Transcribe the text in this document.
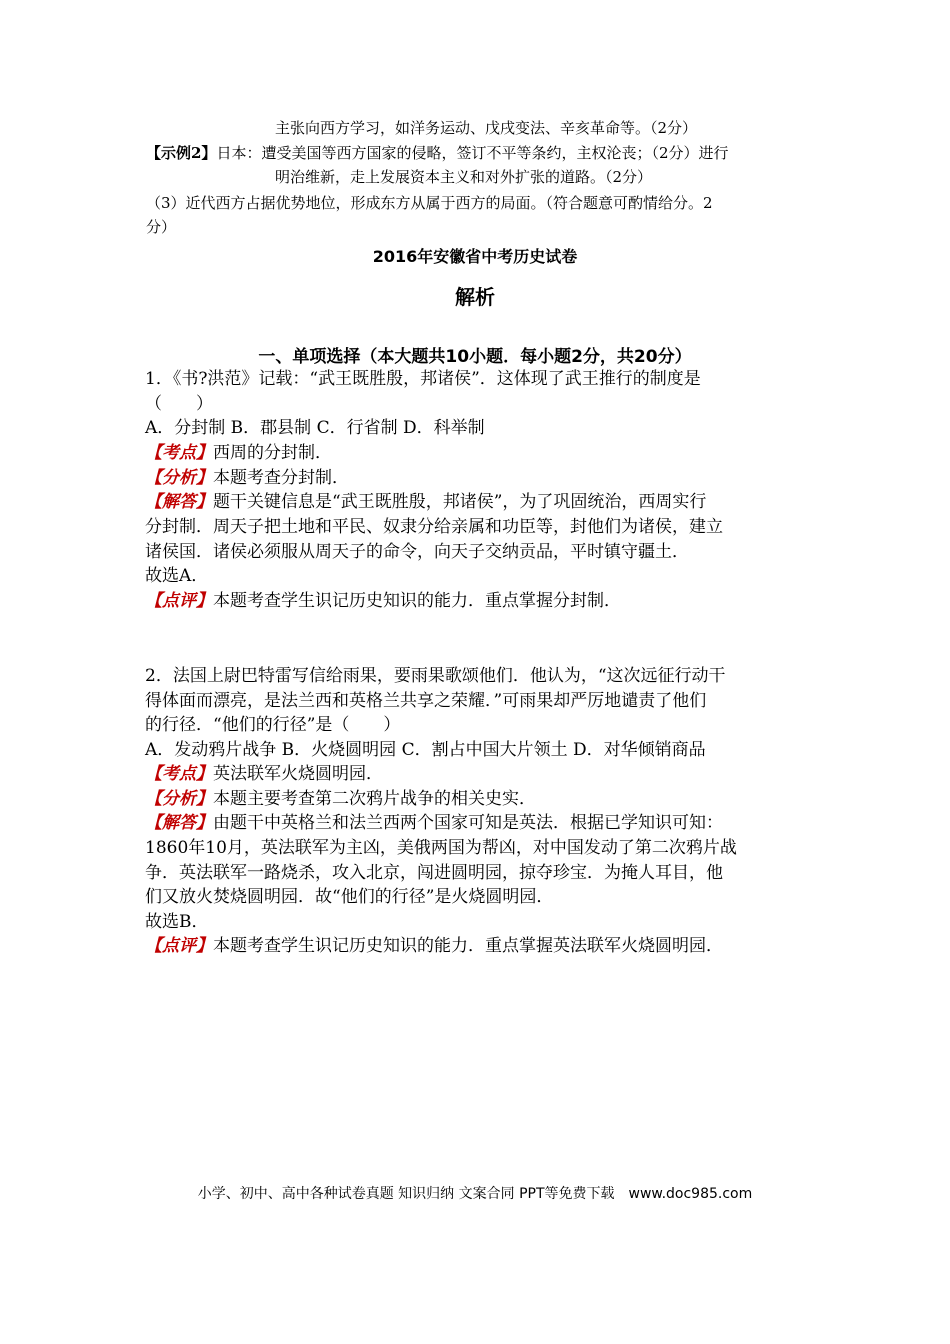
主张向西方学习，如洋务运动、戊戌变法、辛亥革命等。（2分）
【示例2】日本：遭受美国等西方国家的侵略，签订不平等条约，主权沦丧；（2分）进行
明治维新，走上发展资本主义和对外扩张的道路。（2分）
（3）近代西方占据优势地位，形成东方从属于西方的局面。（符合题意可酌情给分。2
分）
2016年安徽省中考历史试卷
解析
一、单项选择（本大题共10小题．每小题2分，共20分）
1．《书?洪范》记载：“武王既胜殷，邦诸侯”．这体现了武王推行的制度是
（　　）
A．分封制 B．郡县制 C．行省制 D．科举制
【考点】西周的分封制．
【分析】本题考查分封制．
【解答】题干关键信息是“武王既胜殷，邦诸侯”，为了巩固统治，西周实行
分封制．周天子把土地和平民、奴隶分给亲属和功臣等，封他们为诸侯，建立
诸侯国．诸侯必须服从周天子的命令，向天子交纳贡品，平时镇守疆土．
故选A．
【点评】本题考查学生识记历史知识的能力．重点掌握分封制．
2．法国上尉巴特雷写信给雨果，要雨果歌颂他们．他认为，“这次远征行动干
得体面而漂亮，是法兰西和英格兰共享之荣耀．”可雨果却严厉地谴责了他们
的行径．“他们的行径”是（　　）
A．发动鸦片战争 B．火烧圆明园 C．割占中国大片领土 D．对华倾销商品
【考点】英法联军火烧圆明园．
【分析】本题主要考查第二次鸦片战争的相关史实．
【解答】由题干中英格兰和法兰西两个国家可知是英法．根据已学知识可知：
1860年10月，英法联军为主凶，美俄两国为帮凶，对中国发动了第二次鸦片战
争．英法联军一路烧杀，攻入北京，闯进圆明园，掠夺珍宝．为掩人耳目，他
们又放火焚烧圆明园．故“他们的行径”是火烧圆明园．
故选B．
【点评】本题考查学生识记历史知识的能力．重点掌握英法联军火烧圆明园．
小学、初中、高中各种试卷真题 知识归纳 文案合同 PPT等免费下载　www.doc985.com
